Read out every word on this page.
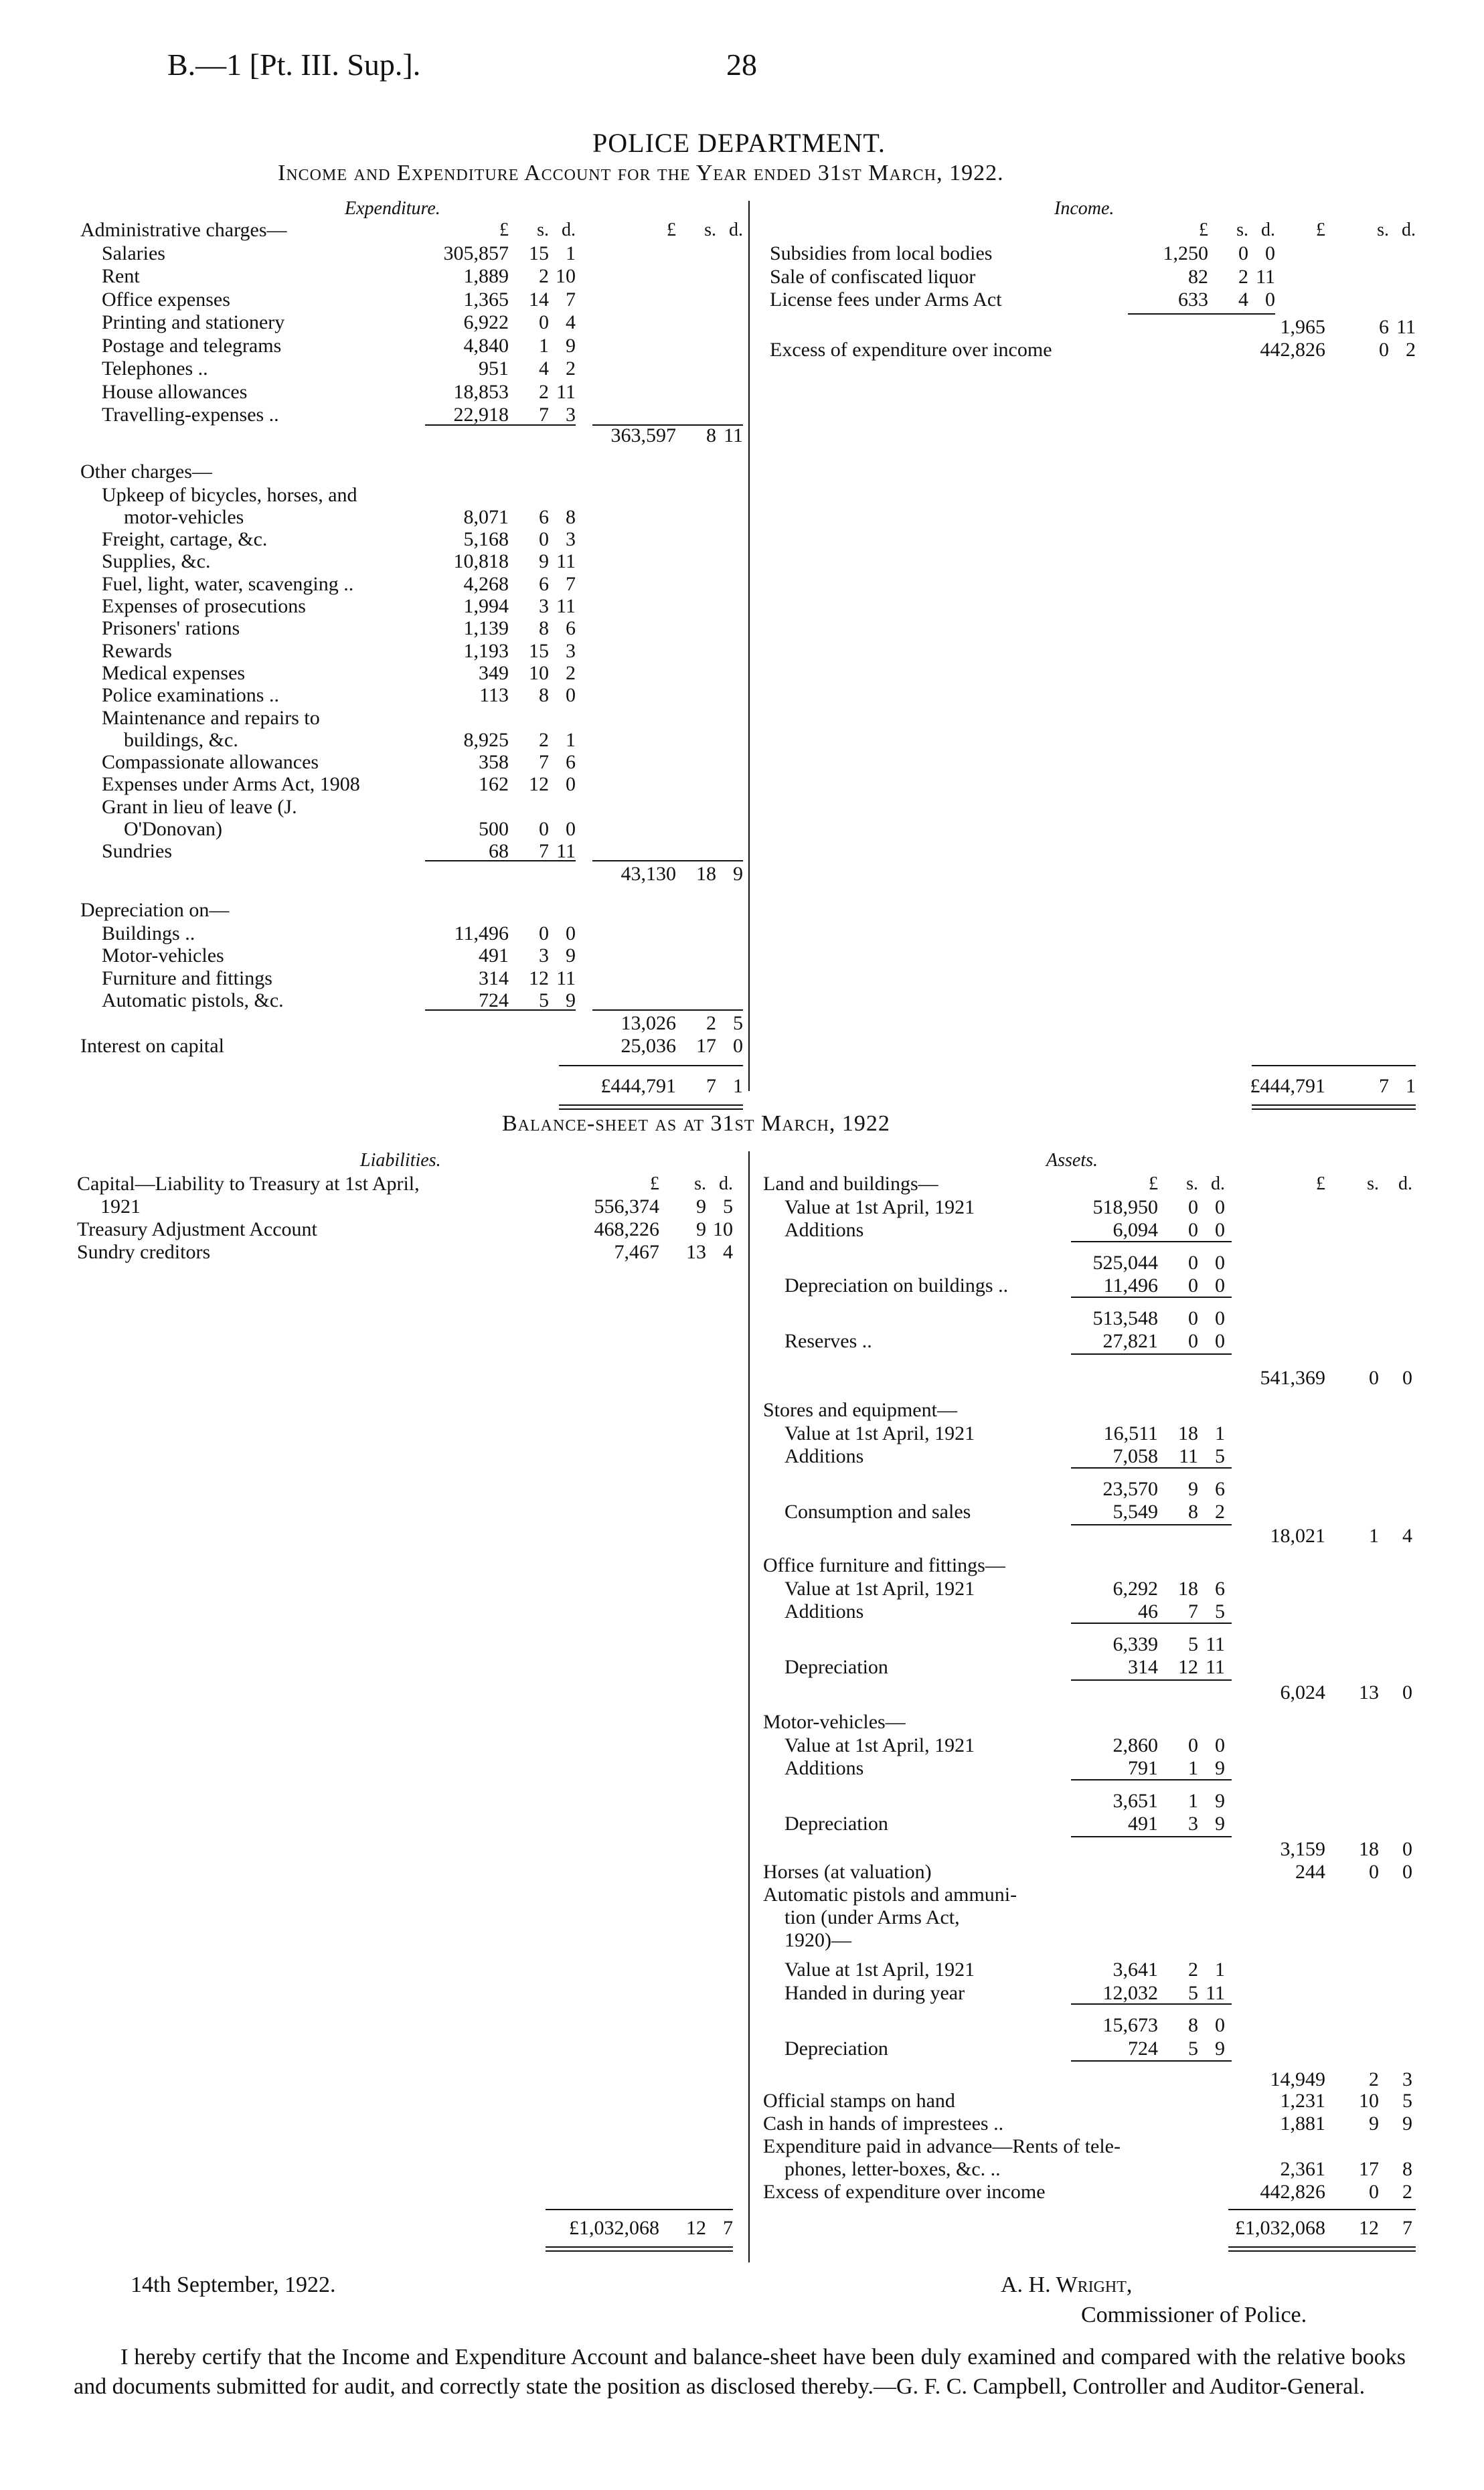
B.—1 [Pt. III. Sup.].	28
POLICE DEPARTMENT.
Income and Expenditure Account for the Year ended 31st March, 1922.
Expenditure.	Income.
£	s. d.	£	s. d.	£	s. d.	£	s. d.
Administrative charges—
Salaries	305,857	15 1
Rent	1,889	2 10
Office expenses	1,365	14 7
Printing and stationery	6,922	0 4
Postage and telegrams	4,840	1 9
Telephones ..	951	4 2
House allowances	18,853	2 11
Travelling-expenses ..	22,918	7 3
363,597	8 11
Other charges—
Upkeep of bicycles, horses, and
motor-vehicles	8,071	6 8
Freight, cartage, &c.	5,168	0 3
Supplies, &c.	10,818	9 11
Fuel, light, water, scavenging ..	4,268	6 7
Expenses of prosecutions	1,994	3 11
Prisoners' rations	1,139	8 6
Rewards	1,193	15 3
Medical expenses	349	10 2
Police examinations ..	113	8 0
Maintenance and repairs to
buildings, &c.	8,925	2 1
Compassionate allowances	358	7 6
Expenses under Arms Act, 1908	162	12 0
Grant in lieu of leave (J.
O'Donovan)	500	0 0
Sundries	68	7 11
43,130	18 9
Depreciation on—
Buildings ..	11,496	0 0
Motor-vehicles	491	3 9
Furniture and fittings	314	12 11
Automatic pistols, &c.	724	5 9
13,026	2 5
Interest on capital	25,036	17 0
£444,791	7 1
Subsidies from local bodies	1,250	0 0
Sale of confiscated liquor	82	2 11
License fees under Arms Act	633	4 0
1,965	6 11
Excess of expenditure over income	442,826	0 2
£444,791	7 1
Balance-sheet as at 31st March, 1922
Liabilities.	Assets.
£	s. d.	£	s. d.	£	s.	d.
Capital—Liability to Treasury at 1st April,
1921	556,374	9 5
Treasury Adjustment Account	468,226	9 10
Sundry creditors	7,467	13 4
£1,032,068	12 7
Land and buildings—
Value at 1st April, 1921	518,950	0 0
Additions	6,094	0 0
525,044	0 0
Depreciation on buildings ..	11,496	0 0
513,548	0 0
Reserves ..	27,821	0 0
541,369	0	0
Stores and equipment—
Value at 1st April, 1921	16,511	18 1
Additions	7,058	11 5
23,570	9 6
Consumption and sales	5,549	8 2
18,021	1	4
Office furniture and fittings—
Value at 1st April, 1921	6,292	18 6
Additions	46	7 5
6,339	5 11
Depreciation	314	12 11
6,024	13	0
Motor-vehicles—
Value at 1st April, 1921	2,860	0 0
Additions	791	1 9
3,651	1 9
Depreciation	491	3 9
3,159	18	0
Horses (at valuation)	244	0	0
Automatic pistols and ammuni-
tion (under Arms Act,
1920)—
Value at 1st April, 1921	3,641	2 1
Handed in during year	12,032	5 11
15,673	8 0
Depreciation	724	5 9
14,949	2	3
Official stamps on hand	1,231	10	5
Cash in hands of imprestees ..	1,881	9	9
Expenditure paid in advance—Rents of tele-
phones, letter-boxes, &c. ..	2,361	17	8
Excess of expenditure over income	442,826	0	2
£1,032,068	12	7
14th September, 1922.	A. H. Wright,
Commissioner of Police.
I hereby certify that the Income and Expenditure Account and balance-sheet have been duly examined and compared with the relative books and documents submitted for audit, and correctly state the position as disclosed thereby.—G. F. C. Campbell, Controller and Auditor-General.
